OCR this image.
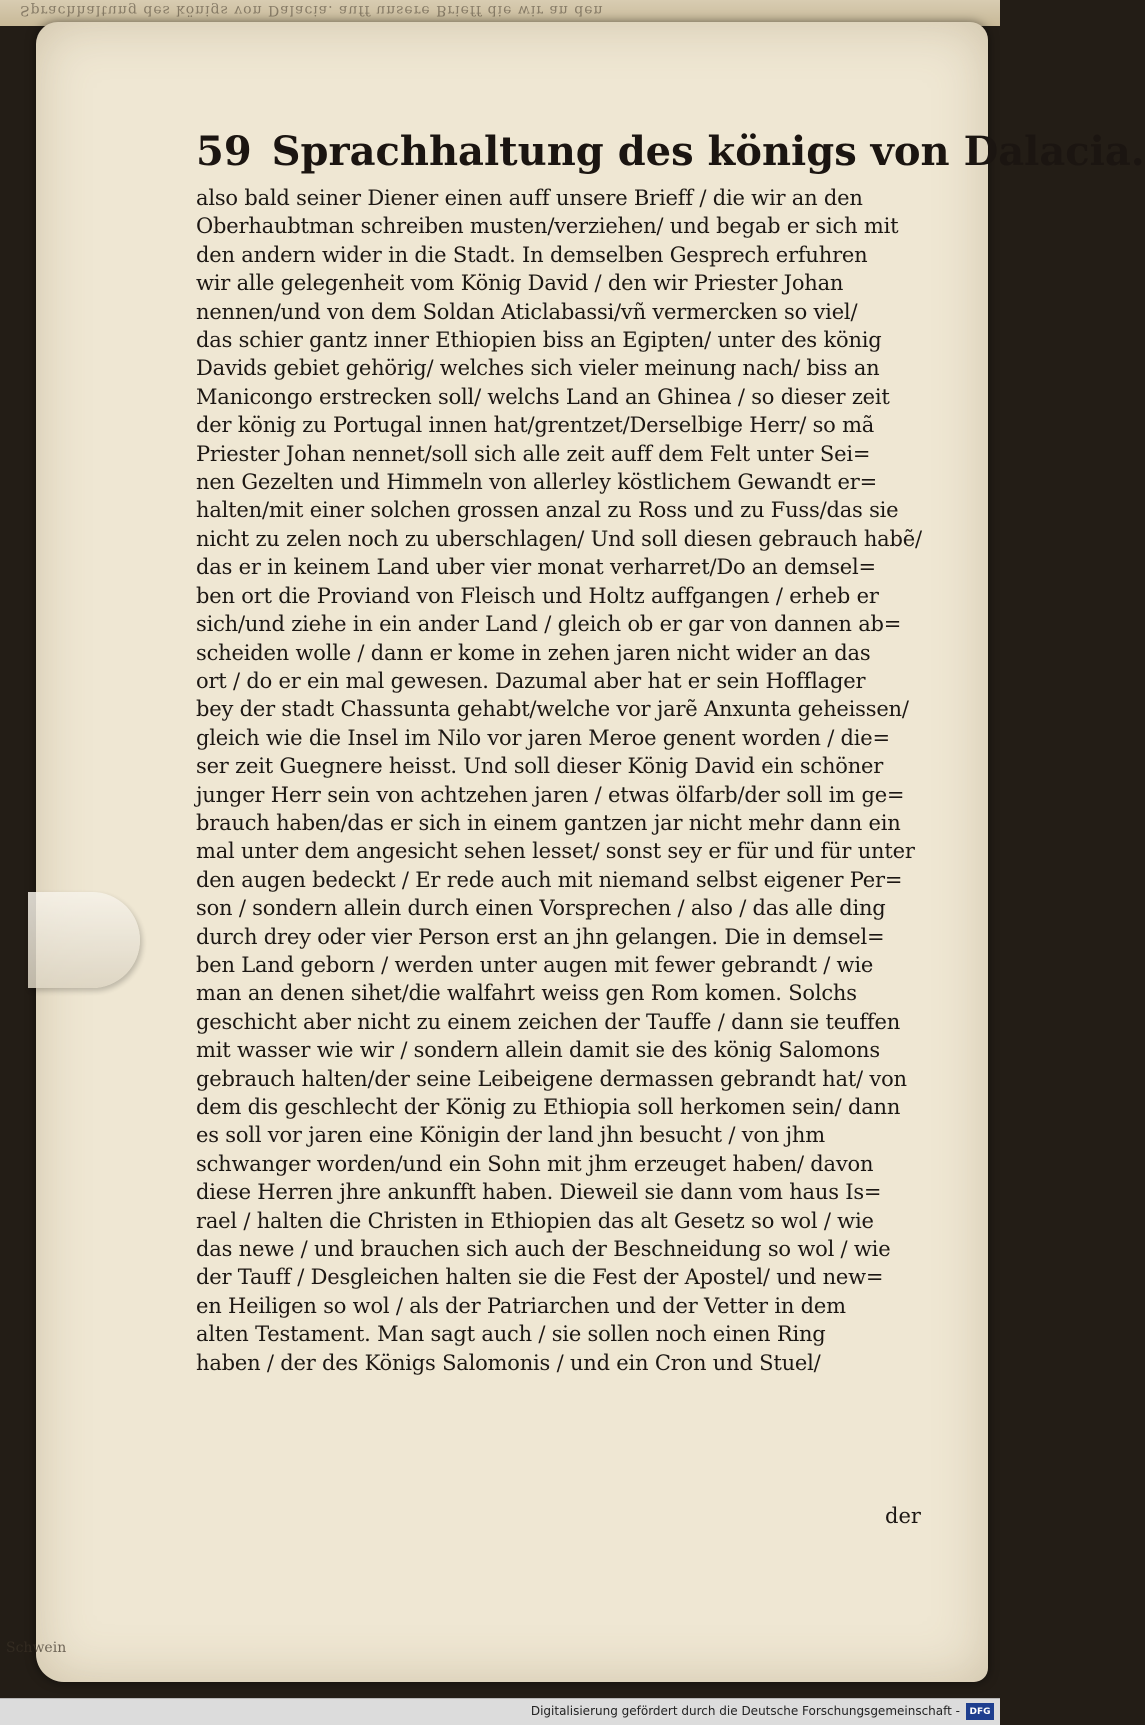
Sprachhaltung des königs von Dalacia. auff unsere Brieff die wir an den
59 Sprachhaltung des königs von Dalacia.
also bald seiner Diener einen auff unsere Brieff / die wir an den
Oberhaubtman schreiben musten/verziehen/ und begab er sich mit
den andern wider in die Stadt. In demselben Gesprech erfuhren
wir alle gelegenheit vom König David / den wir Priester Johan
nennen/und von dem Soldan Aticlabassi/vñ vermercken so viel/
das schier gantz inner Ethiopien biss an Egipten/ unter des könig
Davids gebiet gehörig/ welches sich vieler meinung nach/ biss an
Manicongo erstrecken soll/ welchs Land an Ghinea / so dieser zeit
der könig zu Portugal innen hat/grentzet/Derselbige Herr/ so mã
Priester Johan nennet/soll sich alle zeit auff dem Felt unter Sei=
nen Gezelten und Himmeln von allerley köstlichem Gewandt er=
halten/mit einer solchen grossen anzal zu Ross und zu Fuss/das sie
nicht zu zelen noch zu uberschlagen/ Und soll diesen gebrauch habẽ/
das er in keinem Land uber vier monat verharret/Do an demsel=
ben ort die Proviand von Fleisch und Holtz auffgangen / erheb er
sich/und ziehe in ein ander Land / gleich ob er gar von dannen ab=
scheiden wolle / dann er kome in zehen jaren nicht wider an das
ort / do er ein mal gewesen. Dazumal aber hat er sein Hofflager
bey der stadt Chassunta gehabt/welche vor jarẽ Anxunta geheissen/
gleich wie die Insel im Nilo vor jaren Meroe genent worden / die=
ser zeit Guegnere heisst. Und soll dieser König David ein schöner
junger Herr sein von achtzehen jaren / etwas ölfarb/der soll im ge=
brauch haben/das er sich in einem gantzen jar nicht mehr dann ein
mal unter dem angesicht sehen lesset/ sonst sey er für und für unter
den augen bedeckt / Er rede auch mit niemand selbst eigener Per=
son / sondern allein durch einen Vorsprechen / also / das alle ding
durch drey oder vier Person erst an jhn gelangen. Die in demsel=
ben Land geborn / werden unter augen mit fewer gebrandt / wie
man an denen sihet/die walfahrt weiss gen Rom komen. Solchs
geschicht aber nicht zu einem zeichen der Tauffe / dann sie teuffen
mit wasser wie wir / sondern allein damit sie des könig Salomons
gebrauch halten/der seine Leibeigene dermassen gebrandt hat/ von
dem dis geschlecht der König zu Ethiopia soll herkomen sein/ dann
es soll vor jaren eine Königin der land jhn besucht / von jhm
schwanger worden/und ein Sohn mit jhm erzeuget haben/ davon
diese Herren jhre ankunfft haben. Dieweil sie dann vom haus Is=
rael / halten die Christen in Ethiopien das alt Gesetz so wol / wie
das newe / und brauchen sich auch der Beschneidung so wol / wie
der Tauff / Desgleichen halten sie die Fest der Apostel/ und new=
en Heiligen so wol / als der Patriarchen und der Vetter in dem
alten Testament. Man sagt auch / sie sollen noch einen Ring
haben / der des Königs Salomonis / und ein Cron und Stuel/
der
Schwein
Digitalisierung gefördert durch die Deutsche Forschungsgemeinschaft -	DFG
